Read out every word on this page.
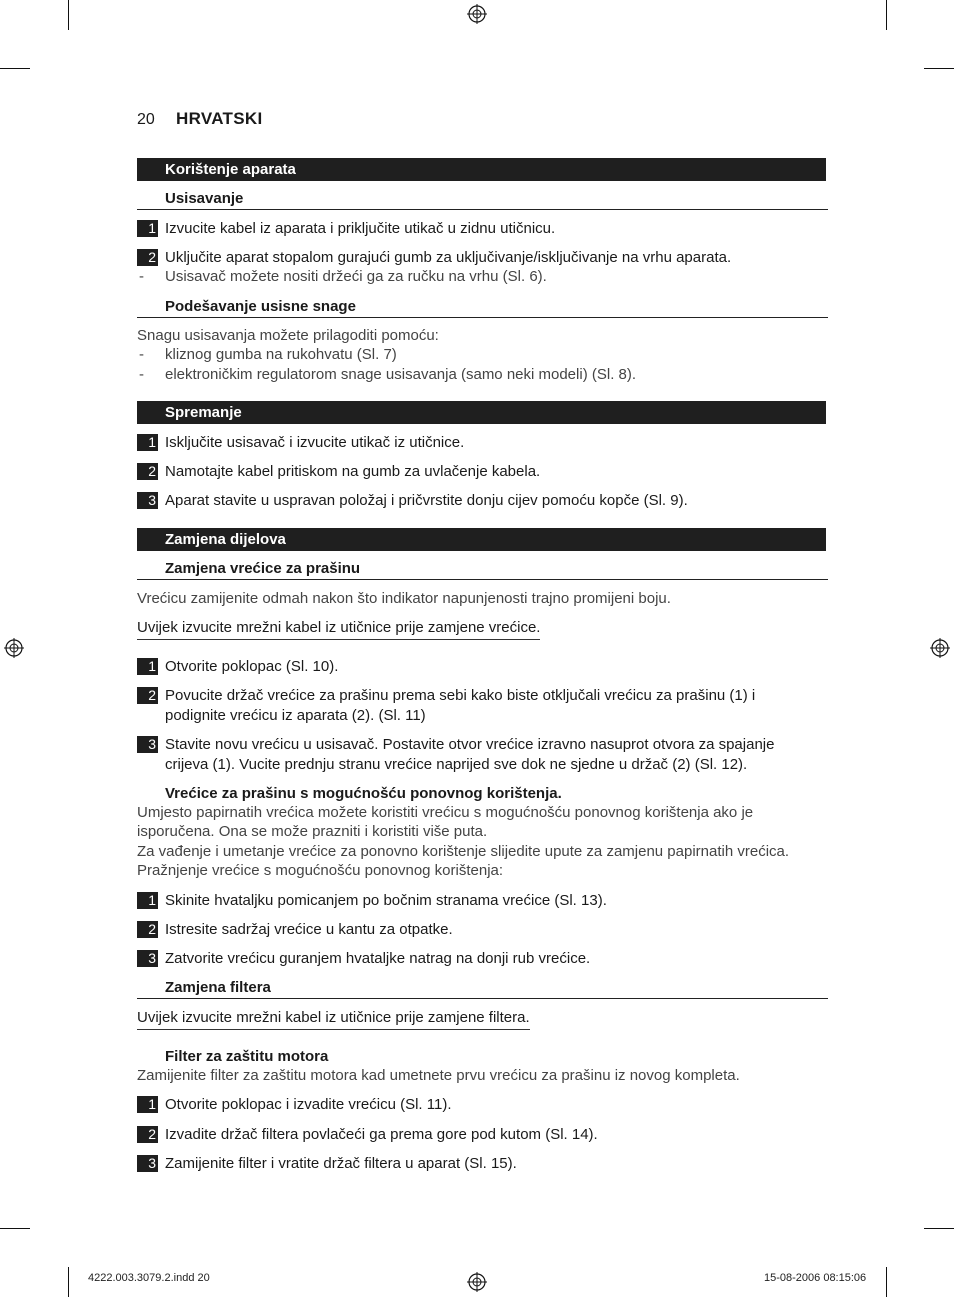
20 HRVATSKI
Korištenje aparata
Usisavanje
1 Izvucite kabel iz aparata i priključite utikač u zidnu utičnicu.
2 Uključite aparat stopalom gurajući gumb za uključivanje/isključivanje na vrhu aparata.
- Usisavač možete nositi držeći ga za ručku na vrhu (Sl. 6).
Podešavanje usisne snage
Snagu usisavanja možete prilagoditi pomoću:
- kliznog gumba na rukohvatu (Sl. 7)
- elektroničkim regulatorom snage usisavanja (samo neki modeli) (Sl. 8).
Spremanje
1 Isključite usisavač i izvucite utikač iz utičnice.
2 Namotajte kabel pritiskom na gumb za uvlačenje kabela.
3 Aparat stavite u uspravan položaj i pričvrstite donju cijev pomoću kopče (Sl. 9).
Zamjena dijelova
Zamjena vrećice za prašinu
Vrećicu zamijenite odmah nakon što indikator napunjenosti trajno promijeni boju.
Uvijek izvucite mrežni kabel iz utičnice prije zamjene vrećice.
1 Otvorite poklopac (Sl. 10).
2 Povucite držač vrećice za prašinu prema sebi kako biste otključali vrećicu za prašinu (1) i
podignite vrećicu iz aparata (2). (Sl. 11)
3 Stavite novu vrećicu u usisavač. Postavite otvor vrećice izravno nasuprot otvora za spajanje
crijeva (1). Vucite prednju stranu vrećice naprijed sve dok ne sjedne u držač (2) (Sl. 12).
Vrećice za prašinu s mogućnošću ponovnog korištenja.
Umjesto papirnatih vrećica možete koristiti vrećicu s mogućnošću ponovnog korištenja ako je
isporučena. Ona se može prazniti i koristiti više puta.
Za vađenje i umetanje vrećice za ponovno korištenje slijedite upute za zamjenu papirnatih vrećica.
Pražnjenje vrećice s mogućnošću ponovnog korištenja:
1 Skinite hvataljku pomicanjem po bočnim stranama vrećice (Sl. 13).
2 Istresite sadržaj vrećice u kantu za otpatke.
3 Zatvorite vrećicu guranjem hvataljke natrag na donji rub vrećice.
Zamjena filtera
Uvijek izvucite mrežni kabel iz utičnice prije zamjene filtera.
Filter za zaštitu motora
Zamijenite filter za zaštitu motora kad umetnete prvu vrećicu za prašinu iz novog kompleta.
1 Otvorite poklopac i izvadite vrećicu (Sl. 11).
2 Izvadite držač filtera povlačeći ga prema gore pod kutom (Sl. 14).
3 Zamijenite filter i vratite držač filtera u aparat (Sl. 15).
4222.003.3079.2.indd 20	15-08-2006 08:15:06
